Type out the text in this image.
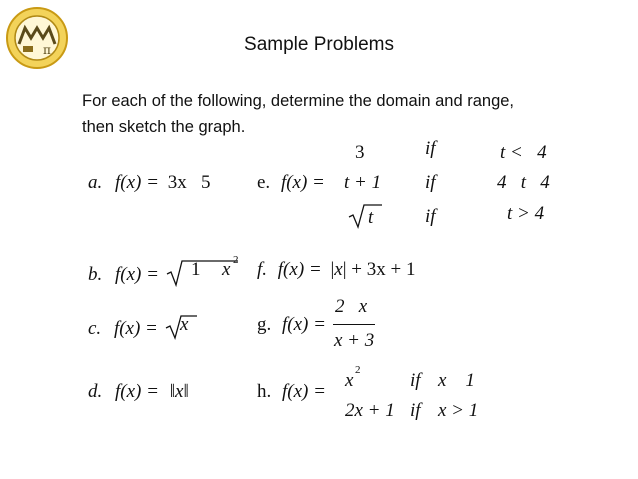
π	Sample Problems
For each of the following, determine the domain and range,
then sketch the graph.
a. f(x) = 3x   5 e. f(x) =
3	if	t <   4
t + 1 if	4   t   4
t	if	t > 4
b. f(x) =	1 x 2 f. f(x) = |x| + 3x + 1
c. f(x) =	x	g. f(x) =
2   x
x + 3
d. f(x) = ‖x‖	h. f(x) =
x 2	if x    1
2x + 1 if x > 1
